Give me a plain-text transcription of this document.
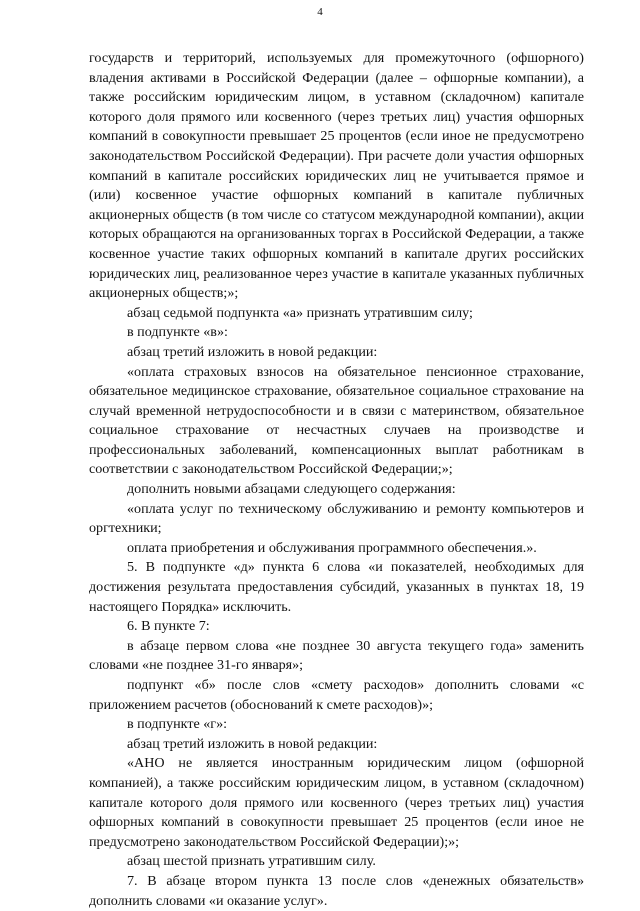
4

государств и территорий, используемых для промежуточного (офшорного) владения активами в Российской Федерации (далее – офшорные компании), а также российским юридическим лицом, в уставном (складочном) капитале которого доля прямого или косвенного (через третьих лиц) участия офшорных компаний в совокупности превышает 25 процентов (если иное не предусмотрено законодательством Российской Федерации). При расчете доли участия офшорных компаний в капитале российских юридических лиц не учитывается прямое и (или) косвенное участие офшорных компаний в капитале публичных акционерных обществ (в том числе со статусом международной компании), акции которых обращаются на организованных торгах в Российской Федерации, а также косвенное участие таких офшорных компаний в капитале других российских юридических лиц, реализованное через участие в капитале указанных публичных акционерных обществ;»;

абзац седьмой подпункта «а» признать утратившим силу;

в подпункте «в»:

абзац третий изложить в новой редакции:

«оплата страховых взносов на обязательное пенсионное страхование, обязательное медицинское страхование, обязательное социальное страхование на случай временной нетрудоспособности и в связи с материнством, обязательное социальное страхование от несчастных случаев на производстве и профессиональных заболеваний, компенсационных выплат работникам в соответствии с законодательством Российской Федерации;»;

дополнить новыми абзацами следующего содержания:

«оплата услуг по техническому обслуживанию и ремонту компьютеров и оргтехники;

оплата приобретения и обслуживания программного обеспечения.».

5. В подпункте «д» пункта 6 слова «и показателей, необходимых для достижения результата предоставления субсидий, указанных в пунктах 18, 19 настоящего Порядка» исключить.

6. В пункте 7:

в абзаце первом слова «не позднее 30 августа текущего года» заменить словами «не позднее 31-го января»;

подпункт «б» после слов «смету расходов» дополнить словами «с приложением расчетов (обоснований к смете расходов)»;

в подпункте «г»:

абзац третий изложить в новой редакции:

«АНО не является иностранным юридическим лицом (офшорной компанией), а также российским юридическим лицом, в уставном (складочном) капитале которого доля прямого или косвенного (через третьих лиц) участия офшорных компаний в совокупности превышает 25 процентов (если иное не предусмотрено законодательством Российской Федерации);»;

абзац шестой признать утратившим силу.

7. В абзаце втором пункта 13 после слов «денежных обязательств» дополнить словами «и оказание услуг».
